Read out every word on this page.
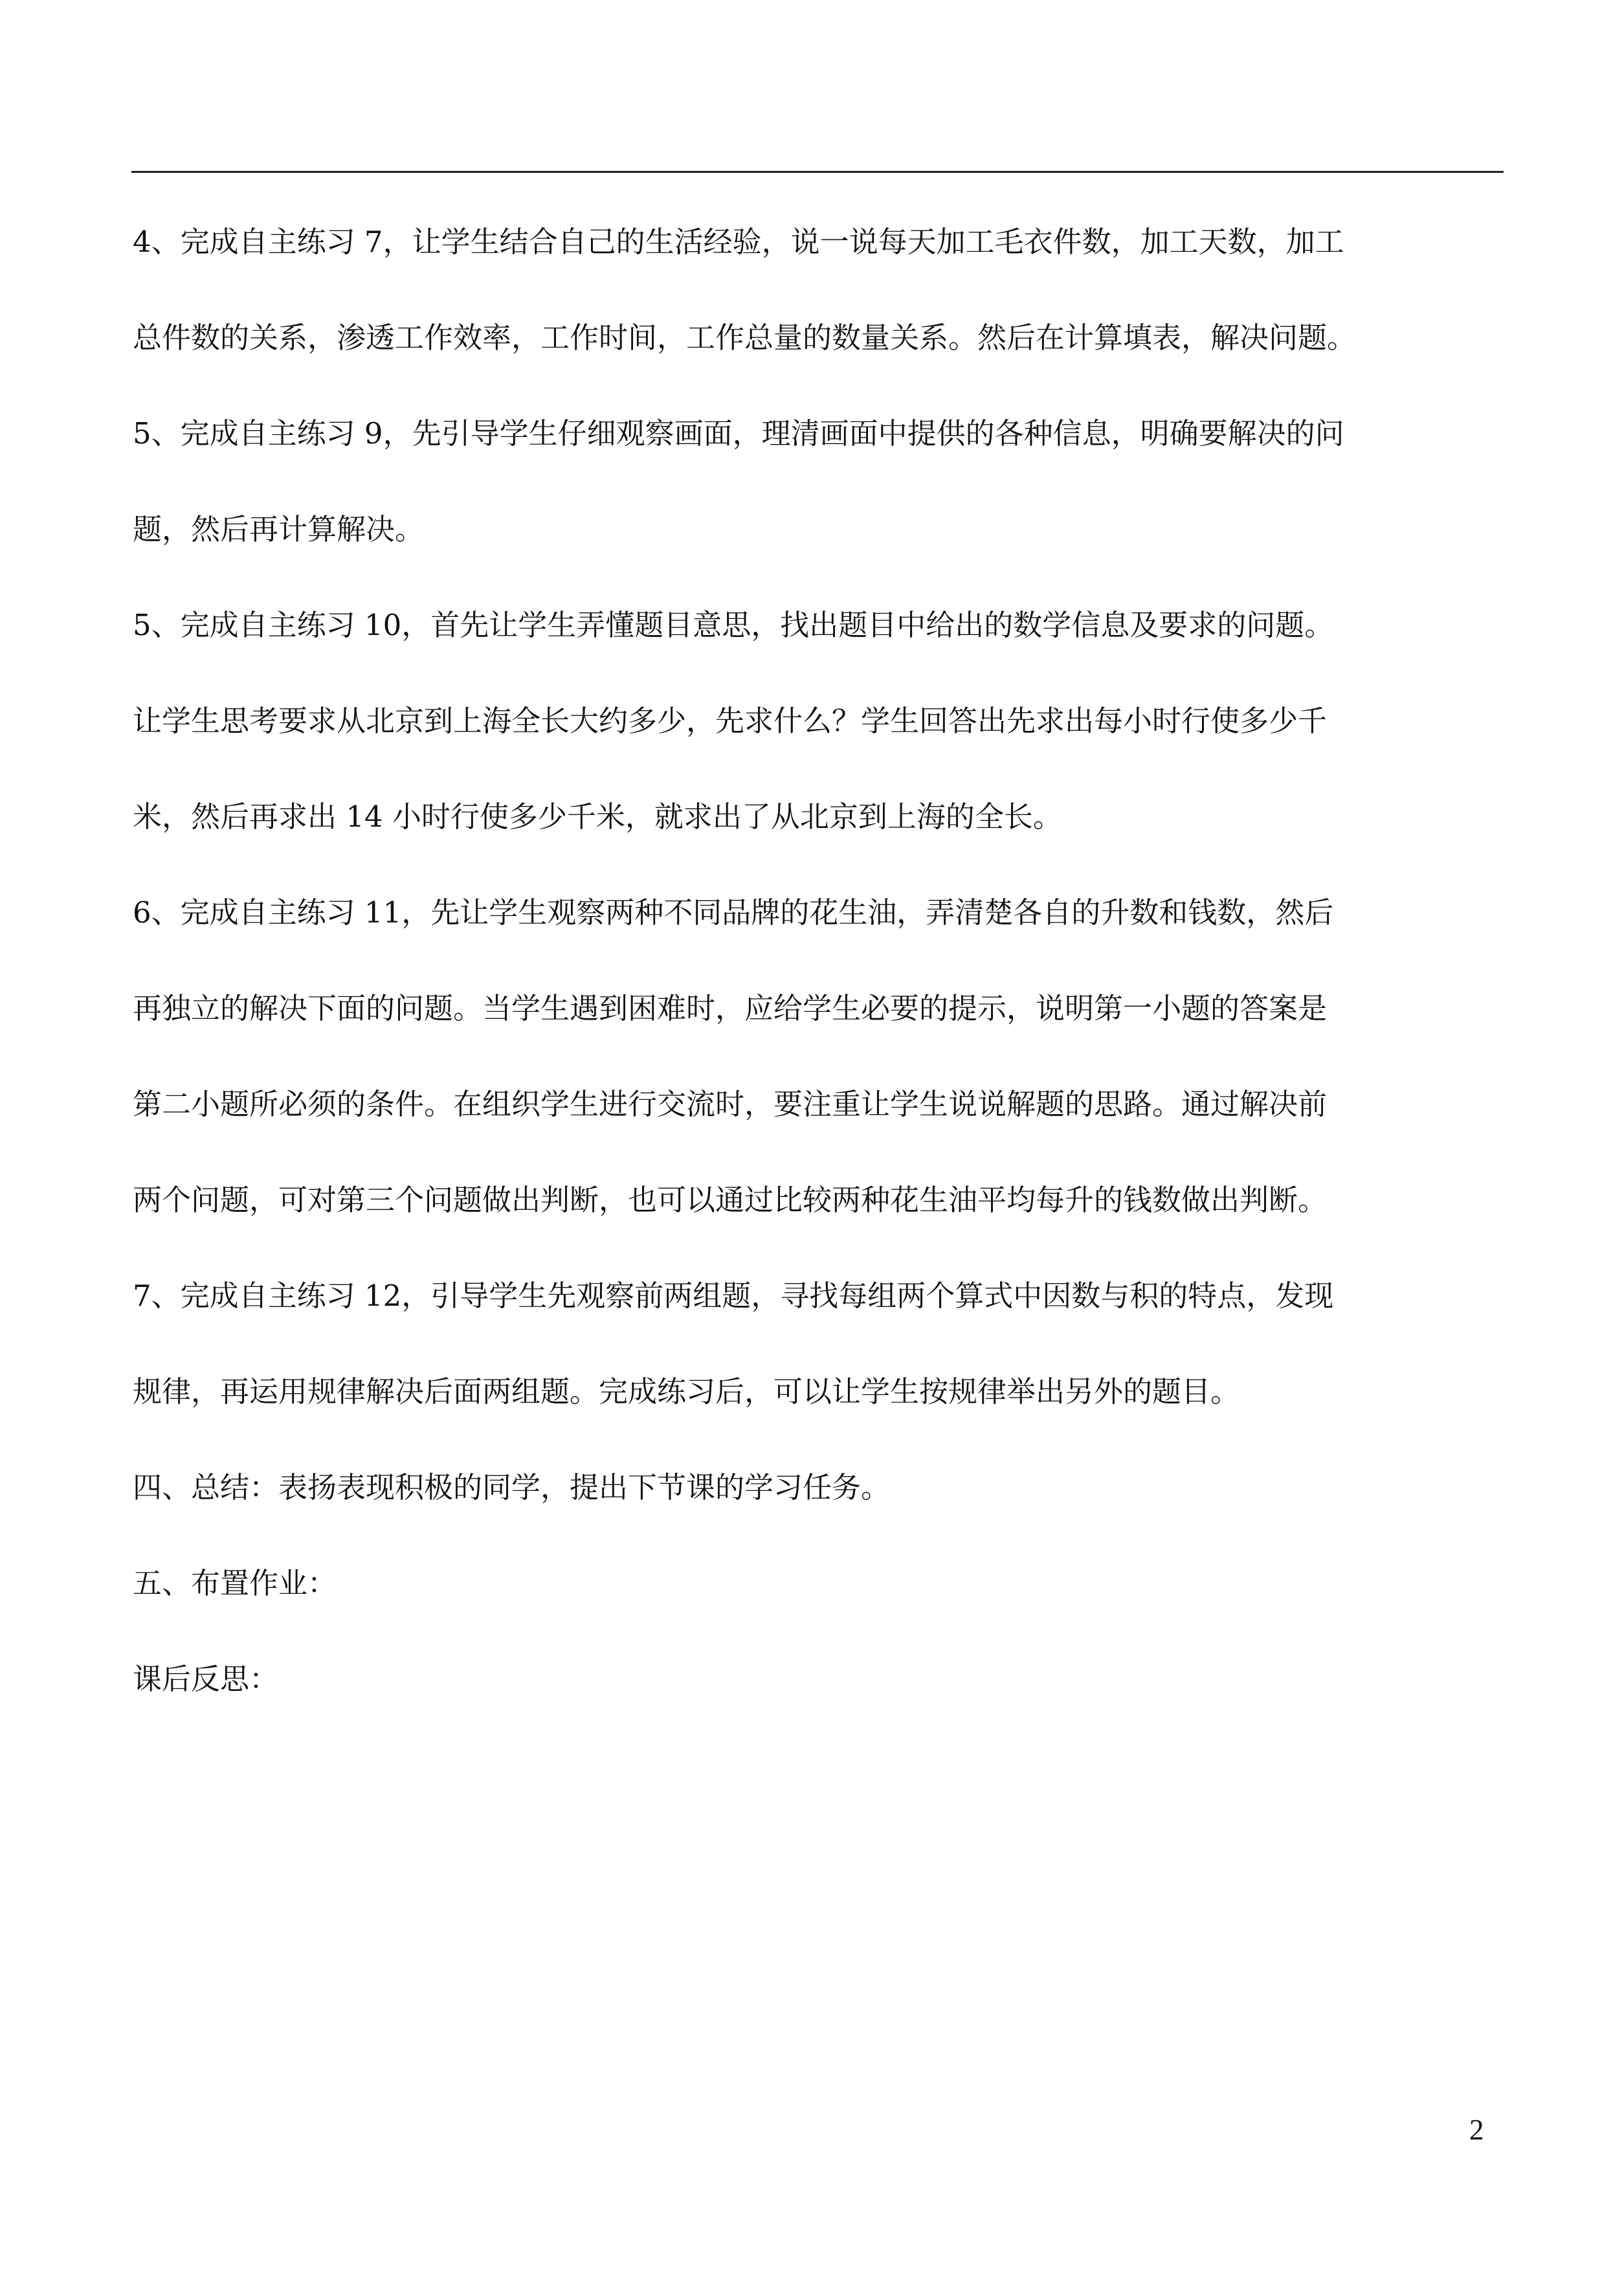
4、完成自主练习 7，让学生结合自己的生活经验，说一说每天加工毛衣件数，加工天数，加工
总件数的关系，渗透工作效率，工作时间，工作总量的数量关系。然后在计算填表，解决问题。
5、完成自主练习 9，先引导学生仔细观察画面，理清画面中提供的各种信息，明确要解决的问
题，然后再计算解决。
5、完成自主练习 10，首先让学生弄懂题目意思，找出题目中给出的数学信息及要求的问题。
让学生思考要求从北京到上海全长大约多少，先求什么？学生回答出先求出每小时行使多少千
米，然后再求出 14 小时行使多少千米，就求出了从北京到上海的全长。
6、完成自主练习 11，先让学生观察两种不同品牌的花生油，弄清楚各自的升数和钱数，然后
再独立的解决下面的问题。当学生遇到困难时，应给学生必要的提示，说明第一小题的答案是
第二小题所必须的条件。在组织学生进行交流时，要注重让学生说说解题的思路。通过解决前
两个问题，可对第三个问题做出判断，也可以通过比较两种花生油平均每升的钱数做出判断。
7、完成自主练习 12，引导学生先观察前两组题，寻找每组两个算式中因数与积的特点，发现
规律，再运用规律解决后面两组题。完成练习后，可以让学生按规律举出另外的题目。
四、总结：表扬表现积极的同学，提出下节课的学习任务。
五、布置作业：
课后反思：
2
